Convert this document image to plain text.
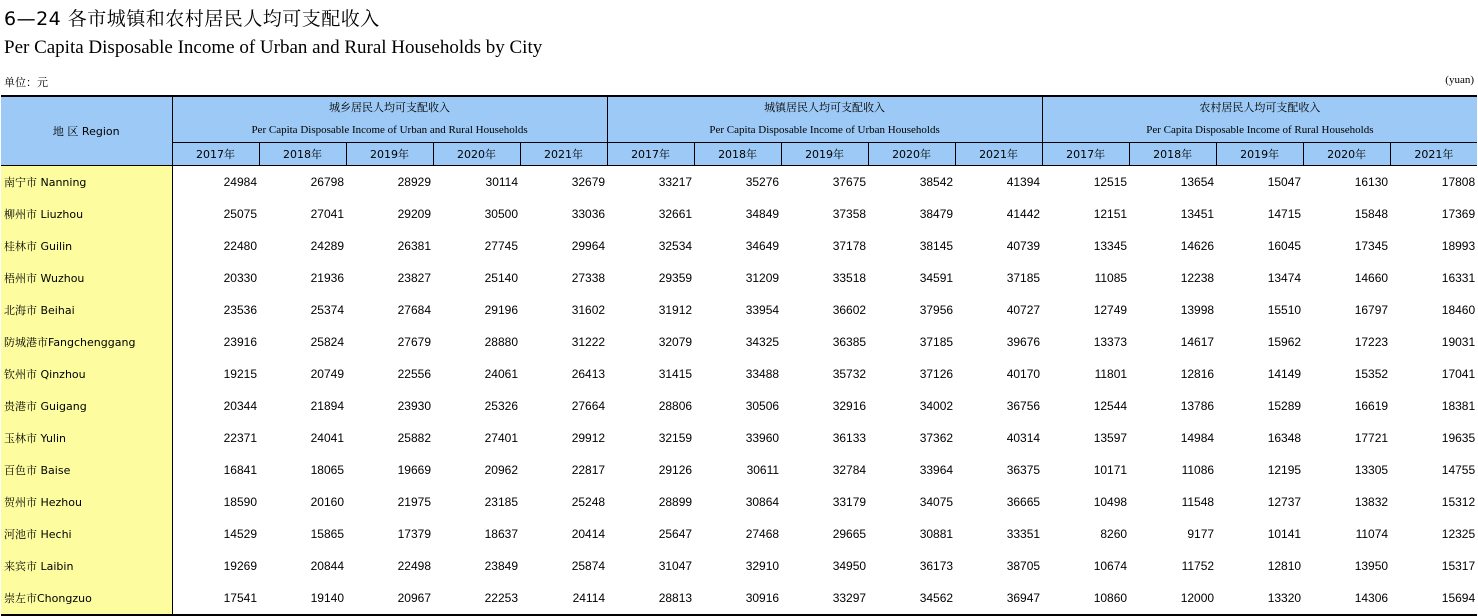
6—24 各市城镇和农村居民人均可支配收入
Per Capita Disposable Income of Urban and Rural Households by City
单位：元	(yuan)
地 区 Region	城乡居民人均可支配收入
Per Capita Disposable Income of Urban and Rural Households					城镇居民人均可支配收入
Per Capita Disposable Income of Urban Households					农村居民人均可支配收入
Per Capita Disposable Income of Rural Households				

	2017年	2018年	2019年	2020年	2021年	2017年	2018年	2019年	2020年	2021年	2017年	2018年	2019年	2020年	2021年
南宁市 Nanning	24984	26798	28929	30114	32679	33217	35276	37675	38542	41394	12515	13654	15047	16130	17808
柳州市 Liuzhou	25075	27041	29209	30500	33036	32661	34849	37358	38479	41442	12151	13451	14715	15848	17369
桂林市 Guilin	22480	24289	26381	27745	29964	32534	34649	37178	38145	40739	13345	14626	16045	17345	18993
梧州市 Wuzhou	20330	21936	23827	25140	27338	29359	31209	33518	34591	37185	11085	12238	13474	14660	16331
北海市 Beihai	23536	25374	27684	29196	31602	31912	33954	36602	37956	40727	12749	13998	15510	16797	18460
防城港市Fangchenggang	23916	25824	27679	28880	31222	32079	34325	36385	37185	39676	13373	14617	15962	17223	19031
钦州市 Qinzhou	19215	20749	22556	24061	26413	31415	33488	35732	37126	40170	11801	12816	14149	15352	17041
贵港市 Guigang	20344	21894	23930	25326	27664	28806	30506	32916	34002	36756	12544	13786	15289	16619	18381
玉林市 Yulin	22371	24041	25882	27401	29912	32159	33960	36133	37362	40314	13597	14984	16348	17721	19635
百色市 Baise	16841	18065	19669	20962	22817	29126	30611	32784	33964	36375	10171	11086	12195	13305	14755
贺州市 Hezhou	18590	20160	21975	23185	25248	28899	30864	33179	34075	36665	10498	11548	12737	13832	15312
河池市 Hechi	14529	15865	17379	18637	20414	25647	27468	29665	30881	33351	8260	9177	10141	11074	12325
来宾市 Laibin	19269	20844	22498	23849	25874	31047	32910	34950	36173	38705	10674	11752	12810	13950	15317
崇左市Chongzuo	17541	19140	20967	22253	24114	28813	30916	33297	34562	36947	10860	12000	13320	14306	15694
